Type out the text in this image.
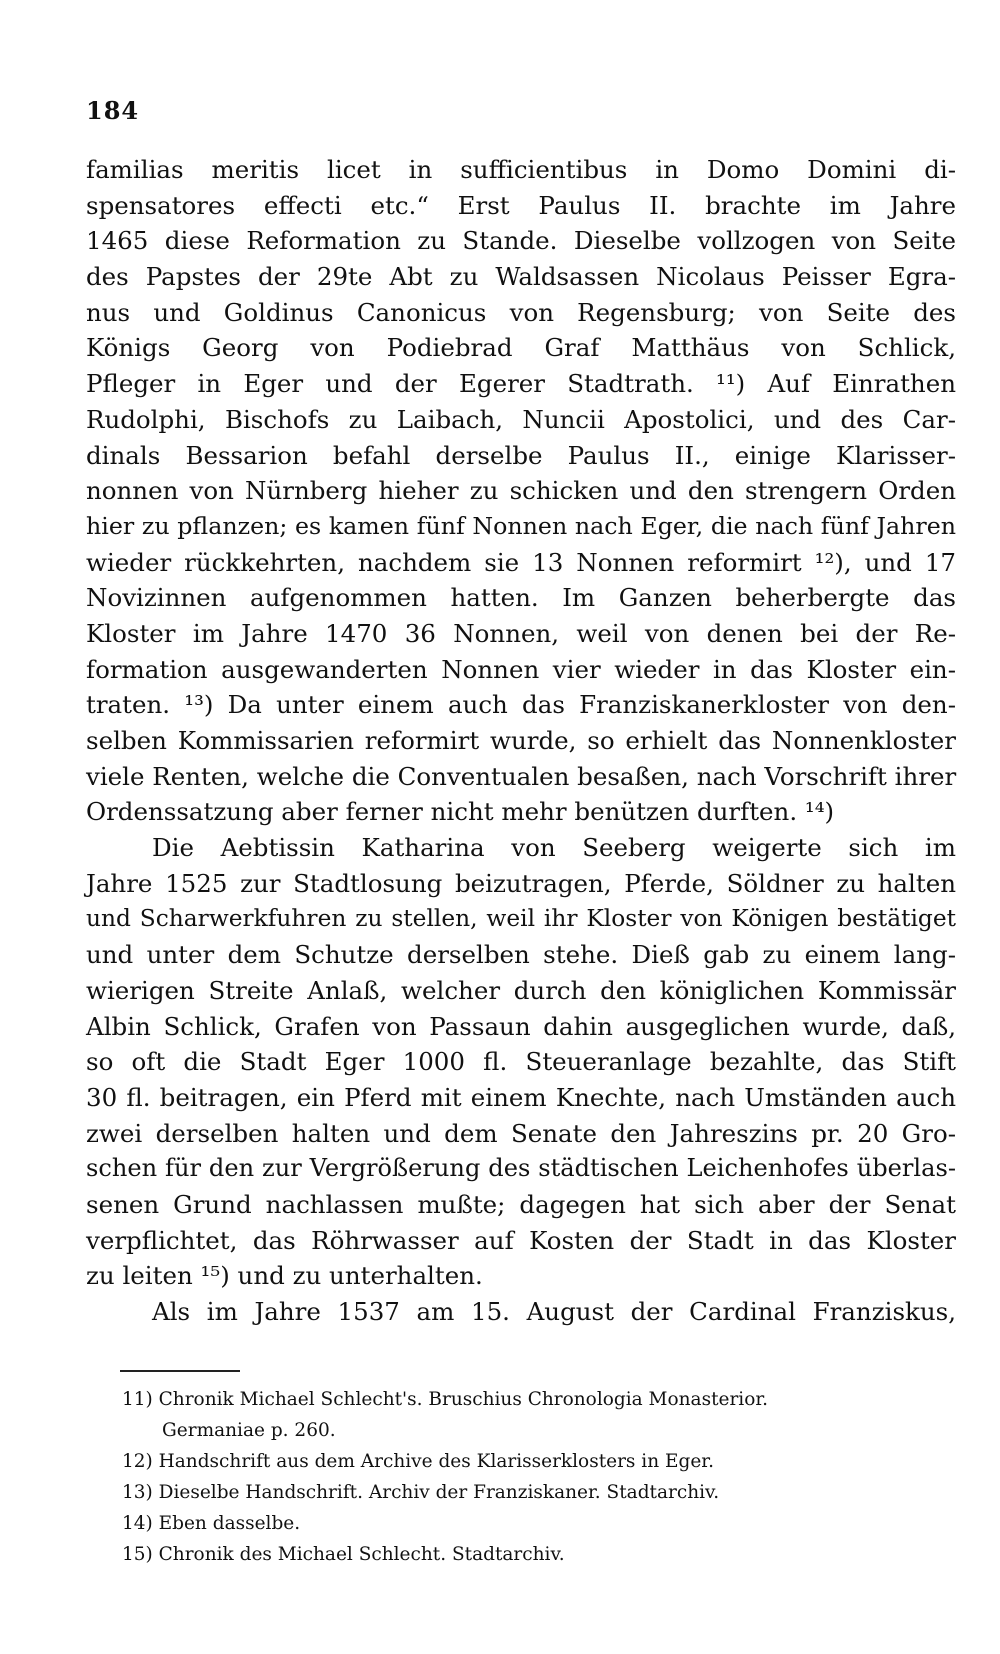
184
familias meritis licet in sufficientibus in Domo Domini di-
spensatores effecti etc.“ Erst Paulus II. brachte im Jahre
1465 diese Reformation zu Stande. Dieselbe vollzogen von Seite
des Papstes der 29te Abt zu Waldsassen Nicolaus Peisser Egra-
nus und Goldinus Canonicus von Regensburg; von Seite des
Königs Georg von Podiebrad Graf Matthäus von Schlick,
Pfleger in Eger und der Egerer Stadtrath. ¹¹) Auf Einrathen
Rudolphi, Bischofs zu Laibach, Nuncii Apostolici, und des Car-
dinals Bessarion befahl derselbe Paulus II., einige Klarisser-
nonnen von Nürnberg hieher zu schicken und den strengern Orden
hier zu pflanzen; es kamen fünf Nonnen nach Eger, die nach fünf Jahren
wieder rückkehrten, nachdem sie 13 Nonnen reformirt ¹²), und 17
Novizinnen aufgenommen hatten. Im Ganzen beherbergte das
Kloster im Jahre 1470 36 Nonnen, weil von denen bei der Re-
formation ausgewanderten Nonnen vier wieder in das Kloster ein-
traten. ¹³) Da unter einem auch das Franziskanerkloster von den-
selben Kommissarien reformirt wurde, so erhielt das Nonnenkloster
viele Renten, welche die Conventualen besaßen, nach Vorschrift ihrer
Ordenssatzung aber ferner nicht mehr benützen durften. ¹⁴)
Die Aebtissin Katharina von Seeberg weigerte sich im
Jahre 1525 zur Stadtlosung beizutragen, Pferde, Söldner zu halten
und Scharwerkfuhren zu stellen, weil ihr Kloster von Königen bestätiget
und unter dem Schutze derselben stehe. Dieß gab zu einem lang-
wierigen Streite Anlaß, welcher durch den königlichen Kommissär
Albin Schlick, Grafen von Passaun dahin ausgeglichen wurde, daß,
so oft die Stadt Eger 1000 fl. Steueranlage bezahlte, das Stift
30 fl. beitragen, ein Pferd mit einem Knechte, nach Umständen auch
zwei derselben halten und dem Senate den Jahreszins pr. 20 Gro-
schen für den zur Vergrößerung des städtischen Leichenhofes überlas-
senen Grund nachlassen mußte; dagegen hat sich aber der Senat
verpflichtet, das Röhrwasser auf Kosten der Stadt in das Kloster
zu leiten ¹⁵) und zu unterhalten.
Als im Jahre 1537 am 15. August der Cardinal Franziskus,
11) Chronik Michael Schlecht's. Bruschius Chronologia Monasterior.
Germaniae p. 260.
12) Handschrift aus dem Archive des Klarisserklosters in Eger.
13) Dieselbe Handschrift. Archiv der Franziskaner. Stadtarchiv.
14) Eben dasselbe.
15) Chronik des Michael Schlecht. Stadtarchiv.
